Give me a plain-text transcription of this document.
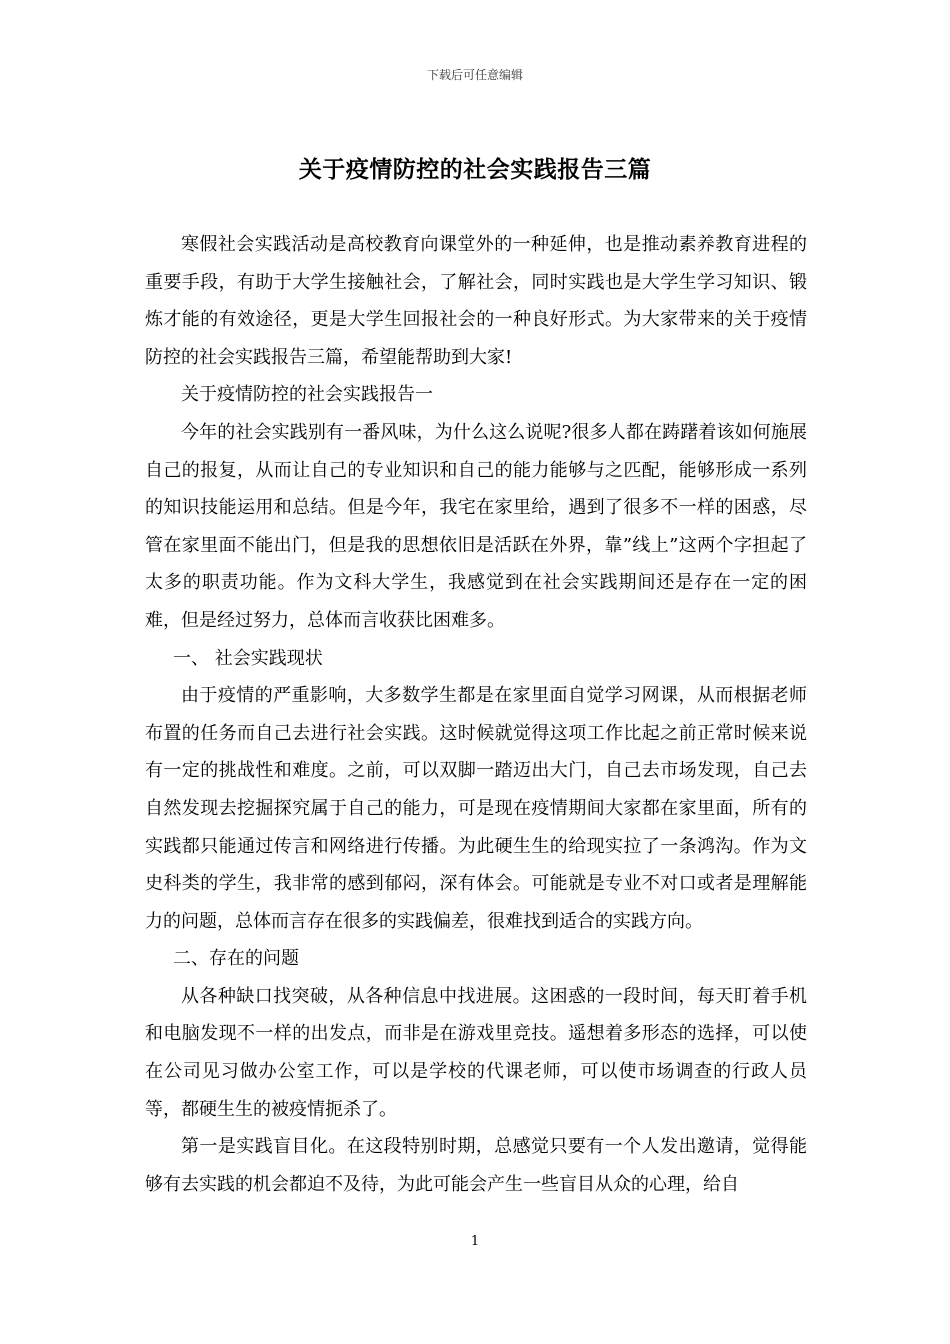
下载后可任意编辑
关于疫情防控的社会实践报告三篇

寒假社会实践活动是高校教育向课堂外的一种延伸，也是推动素养教育进程的重要手段，有助于大学生接触社会，了解社会，同时实践也是大学生学习知识、锻炼才能的有效途径，更是大学生回报社会的一种良好形式。为大家带来的关于疫情防控的社会实践报告三篇，希望能帮助到大家!

关于疫情防控的社会实践报告一

今年的社会实践别有一番风味，为什么这么说呢?很多人都在踌躇着该如何施展自己的报复，从而让自己的专业知识和自己的能力能够与之匹配，能够形成一系列的知识技能运用和总结。但是今年，我宅在家里给，遇到了很多不一样的困惑，尽管在家里面不能出门，但是我的思想依旧是活跃在外界，靠”线上”这两个字担起了太多的职责功能。作为文科大学生，我感觉到在社会实践期间还是存在一定的困难，但是经过努力，总体而言收获比困难多。

一、 社会实践现状

由于疫情的严重影响，大多数学生都是在家里面自觉学习网课，从而根据老师布置的任务而自己去进行社会实践。这时候就觉得这项工作比起之前正常时候来说有一定的挑战性和难度。之前，可以双脚一踏迈出大门，自己去市场发现，自己去自然发现去挖掘探究属于自己的能力，可是现在疫情期间大家都在家里面，所有的实践都只能通过传言和网络进行传播。为此硬生生的给现实拉了一条鸿沟。作为文史科类的学生，我非常的感到郁闷，深有体会。可能就是专业不对口或者是理解能力的问题，总体而言存在很多的实践偏差，很难找到适合的实践方向。

二、存在的问题

从各种缺口找突破，从各种信息中找进展。这困惑的一段时间，每天盯着手机和电脑发现不一样的出发点，而非是在游戏里竞技。遥想着多形态的选择，可以使在公司见习做办公室工作，可以是学校的代课老师，可以使市场调查的行政人员等，都硬生生的被疫情扼杀了。

第一是实践盲目化。在这段特别时期，总感觉只要有一个人发出邀请，觉得能够有去实践的机会都迫不及待，为此可能会产生一些盲目从众的心理，给自

1
